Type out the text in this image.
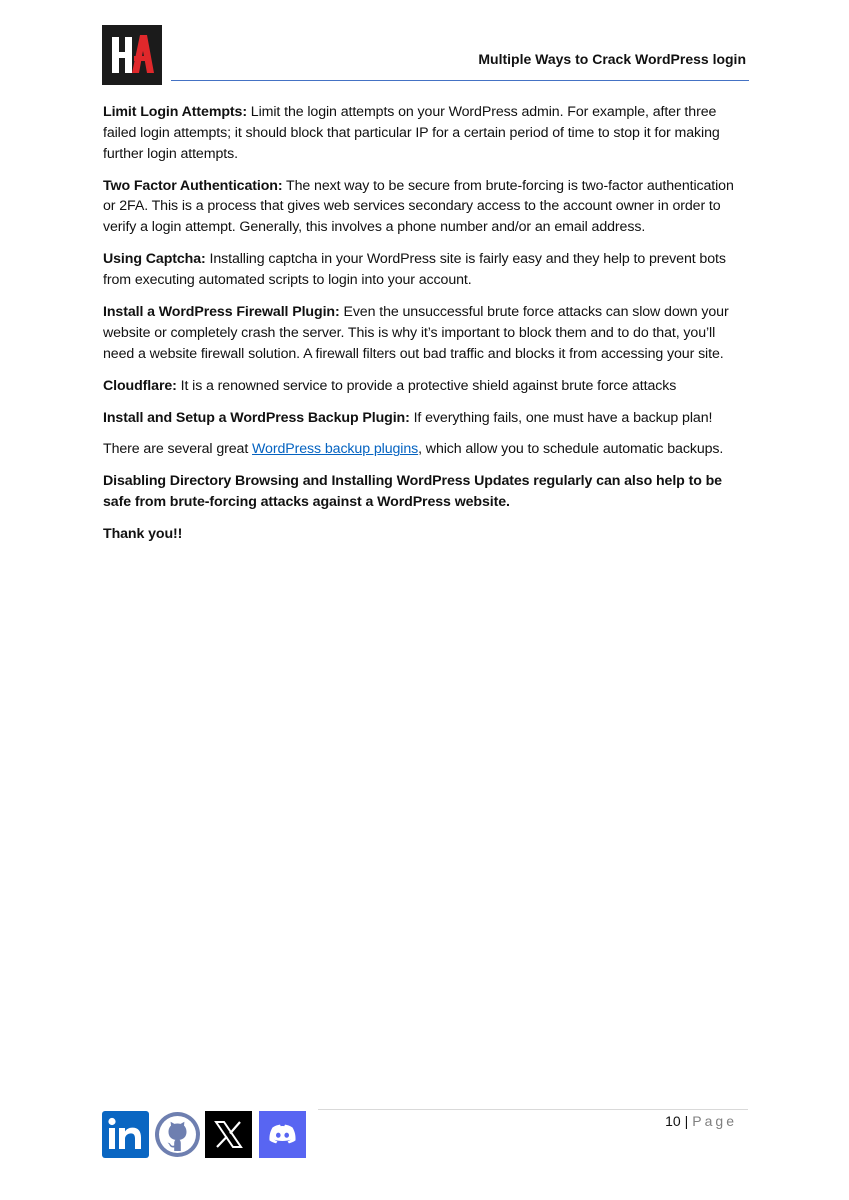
Multiple Ways to Crack WordPress login

Limit Login Attempts: Limit the login attempts on your WordPress admin. For example, after three failed login attempts; it should block that particular IP for a certain period of time to stop it for making further login attempts.

Two Factor Authentication: The next way to be secure from brute-forcing is two-factor authentication or 2FA. This is a process that gives web services secondary access to the account owner in order to verify a login attempt. Generally, this involves a phone number and/or an email address.

Using Captcha: Installing captcha in your WordPress site is fairly easy and they help to prevent bots from executing automated scripts to login into your account.

Install a WordPress Firewall Plugin: Even the unsuccessful brute force attacks can slow down your website or completely crash the server. This is why it’s important to block them and to do that, you’ll need a website firewall solution. A firewall filters out bad traffic and blocks it from accessing your site.

Cloudflare: It is a renowned service to provide a protective shield against brute force attacks

Install and Setup a WordPress Backup Plugin: If everything fails, one must have a backup plan!

There are several great WordPress backup plugins, which allow you to schedule automatic backups.

Disabling Directory Browsing and Installing WordPress Updates regularly can also help to be safe from brute-forcing attacks against a WordPress website.

Thank you!!

10 | Page
